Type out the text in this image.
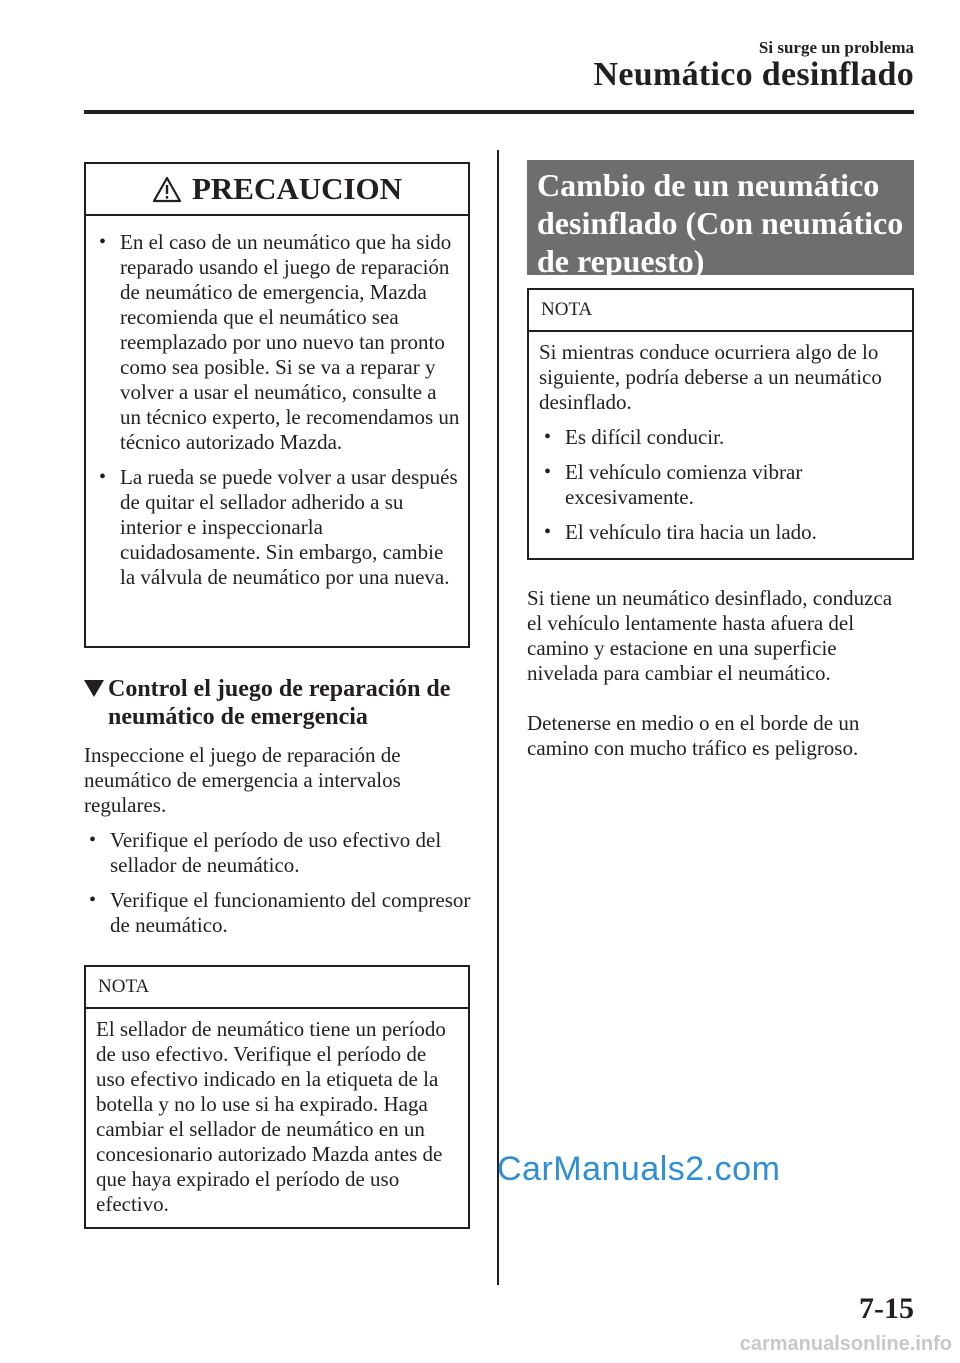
Si surge un problema
Neumático desinflado
PRECAUCION
• En el caso de un neumático que ha sido reparado usando el juego de reparación de neumático de emergencia, Mazda recomienda que el neumático sea reemplazado por uno nuevo tan pronto como sea posible. Si se va a reparar y volver a usar el neumático, consulte a un técnico experto, le recomendamos un técnico autorizado Mazda.
• La rueda se puede volver a usar después de quitar el sellador adherido a su interior e inspeccionarla cuidadosamente. Sin embargo, cambie la válvula de neumático por una nueva.
Control el juego de reparación de neumático de emergencia
Inspeccione el juego de reparación de neumático de emergencia a intervalos regulares.
• Verifique el período de uso efectivo del sellador de neumático.
• Verifique el funcionamiento del compresor de neumático.
NOTA
El sellador de neumático tiene un período de uso efectivo. Verifique el período de uso efectivo indicado en la etiqueta de la botella y no lo use si ha expirado. Haga cambiar el sellador de neumático en un concesionario autorizado Mazda antes de que haya expirado el período de uso efectivo.
Cambio de un neumático desinflado (Con neumático de repuesto)
NOTA
Si mientras conduce ocurriera algo de lo siguiente, podría deberse a un neumático desinflado.
• Es difícil conducir.
• El vehículo comienza vibrar excesivamente.
• El vehículo tira hacia un lado.
Si tiene un neumático desinflado, conduzca el vehículo lentamente hasta afuera del camino y estacione en una superficie nivelada para cambiar el neumático.
Detenerse en medio o en el borde de un camino con mucho tráfico es peligroso.
CarManuals2.com
7-15
carmanualsonline.info
